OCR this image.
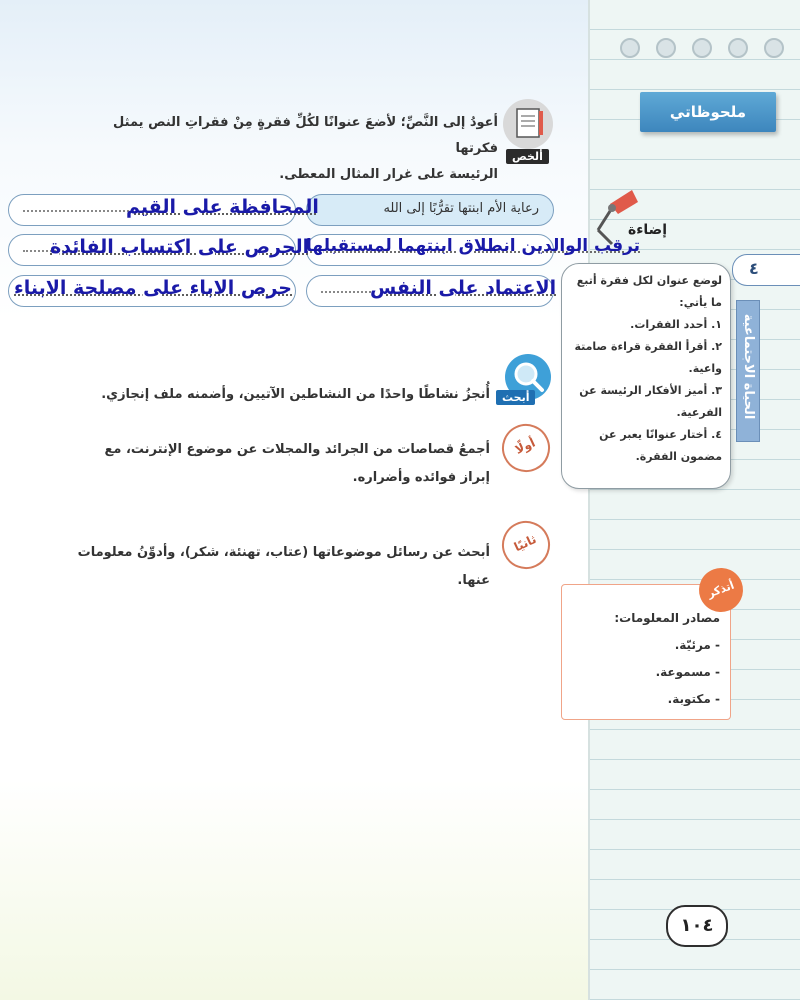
ملحوظاتي
إضاءة
٤
الحياة الاجتماعية
لوضع عنوان لكل فقرة أتبع ما يأتي:
١. أحدد الفقرات.
٢. أقرأ الفقرة قراءة صامتة
واعية.
٣. أميز الأفكار الرئيسة عن
الفرعية.
٤. أختار عنوانًا يعبر عن
مضمون الفقرة.
مصادر المعلومات:
- مرئيّة.
- مسموعة.
- مكتوبة.
أتذكر
١٠٤
ألخص
أعودُ إلى النَّصِّ؛ لأضعَ عنوانًا لكُلِّ فقرةٍ مِنْ فقراتِ النص يمثل فكرتها
الرئيسة على غرار المثال المعطى.
رعاية الأم ابنتها تقرُّبًا إلى الله
المحافظة على القيم
ترقب الوالدين انطلاق ابنتهما لمستقبلها
الحرص على اكتساب الفائدة
الاعتماد على النفس
حرص الاباء على مصلحة الابناء
أبحث
أُنجزُ نشاطًا واحدًا من النشاطين الآتيين، وأضمنه ملف إنجازي.
أولًا
أجمعُ قصاصات من الجرائد والمجلات عن موضوع الإنترنت، مع
إبراز فوائده وأضراره.
ثانيًا
أبحث عن رسائل موضوعاتها (عتاب، تهنئة، شكر)، وأدوِّنُ معلومات
عنها.
